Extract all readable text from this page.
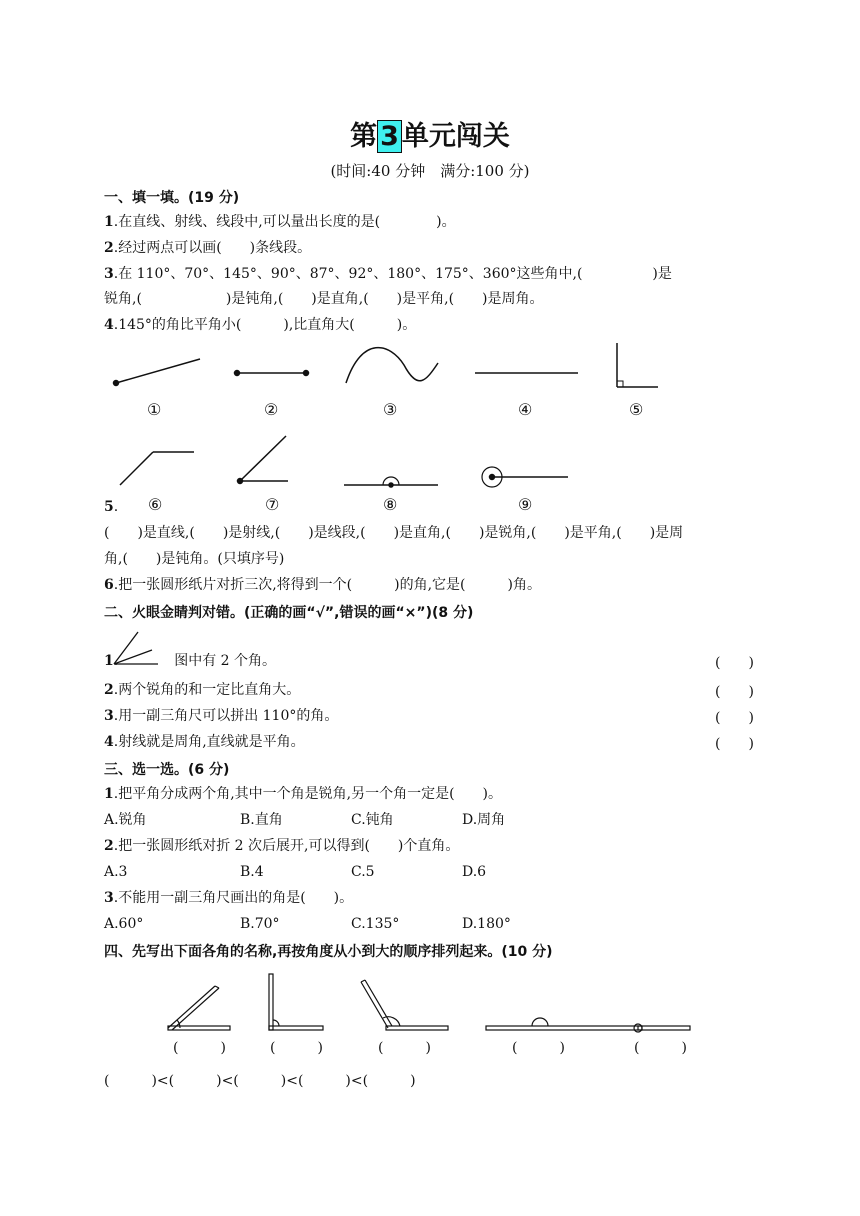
第 3 单元闯关
(时间:40 分钟　满分:100 分)
一、填一填。(19 分)
1.在直线、射线、线段中,可以量出长度的是(　　　　)。
2.经过两点可以画(　　)条线段。
3.在 110°、70°、145°、90°、87°、92°、180°、175°、360°这些角中,(　　　　　)是
锐角,(　　　　　　)是钝角,(　　)是直角,(　　)是平角,(　　)是周角。
4.145°的角比平角小(　　　),比直角大(　　　)。
①	②	③	④	⑤
5. ⑥	⑦	⑧	⑨
(　　)是直线,(　　)是射线,(　　)是线段,(　　)是直角,(　　)是锐角,(　　)是平角,(　　)是周
角,(　　)是钝角。(只填序号)
6.把一张圆形纸片对折三次,将得到一个(　　　)的角,它是(　　　)角。
二、火眼金睛判对错。(正确的画“√”,错误的画“×”)(8 分)
1.　　　　图中有 2 个角。	(　　)
2.两个锐角的和一定比直角大。	(　　)
3.用一副三角尺可以拼出 110°的角。	(　　)
4.射线就是周角,直线就是平角。	(　　)
三、选一选。(6 分)
1.把平角分成两个角,其中一个角是锐角,另一个角一定是(　　)。
A.锐角	B.直角	C.钝角	D.周角
2.把一张圆形纸对折 2 次后展开,可以得到(　　)个直角。
A.3	B.4	C.5	D.6
3.不能用一副三角尺画出的角是(　　)。
A.60°	B.70°	C.135°	D.180°
四、先写出下面各角的名称,再按角度从小到大的顺序排列起来。(10 分)
(　　　)	(　　　)	(　　　)	(　　　)	(　　　)
(　　　)<(　　　)<(　　　)<(　　　)<(　　　)
